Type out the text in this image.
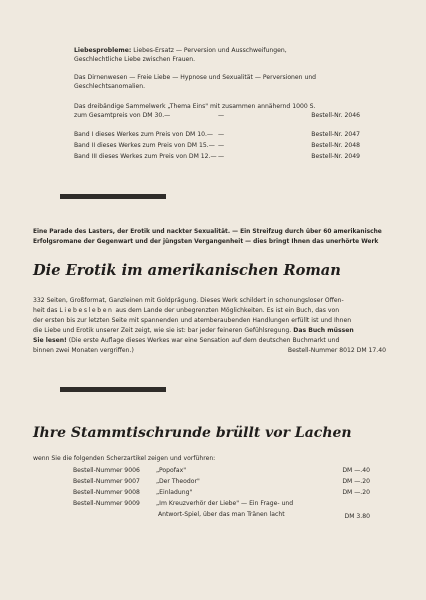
Liebesprobleme: Liebes-Ersatz — Perversion und Ausschweifungen,
Geschlechtliche Liebe zwischen Frauen.
Das Dirnenwesen — Freie Liebe — Hypnose und Sexualität — Perversionen und
Geschlechtsanomalien.
Das dreibändige Sammelwerk „Thema Eins" mit zusammen annähernd 1000 S.
zum Gesamtpreis von DM 30.—	—	Bestell-Nr. 2046
Band I dieses Werkes zum Preis von DM 10.— —	Bestell-Nr. 2047
Band II dieses Werkes zum Preis von DM 15.— —	Bestell-Nr. 2048
Band III dieses Werkes zum Preis von DM 12.— —	Bestell-Nr. 2049
Eine Parade des Lasters, der Erotik und nackter Sexualität. — Ein Streifzug durch über 60 amerikanische
Erfolgsromane der Gegenwart und der jüngsten Vergangenheit — dies bringt Ihnen das unerhörte Werk
Die Erotik im amerikanischen Roman
332 Seiten, Großformat, Ganzleinen mit Goldprägung. Dieses Werk schildert in schonungsloser Offen-
heit das Liebesleben aus dem Lande der unbegrenzten Möglichkeiten. Es ist ein Buch, das von
der ersten bis zur letzten Seite mit spannenden und atemberaubenden Handlungen erfüllt ist und Ihnen
die Liebe und Erotik unserer Zeit zeigt, wie sie ist: bar jeder feineren Gefühlsregung. Das Buch müssen
Sie lesen! (Die erste Auflage dieses Werkes war eine Sensation auf dem deutschen Buchmarkt und
binnen zwei Monaten vergriffen.)	Bestell-Nummer 8012 DM 17.40
Ihre Stammtischrunde brüllt vor Lachen
wenn Sie die folgenden Scherzartikel zeigen und vorführen:
Bestell-Nummer 9006	„Popofax"	DM —.40
Bestell-Nummer 9007	„Der Theodor"	DM —.20
Bestell-Nummer 9008	„Einladung"	DM —.20
Bestell-Nummer 9009	„Im Kreuzverhör der Liebe" — Ein Frage- und
Antwort-Spiel, über das man Tränen lacht	DM 3.80
